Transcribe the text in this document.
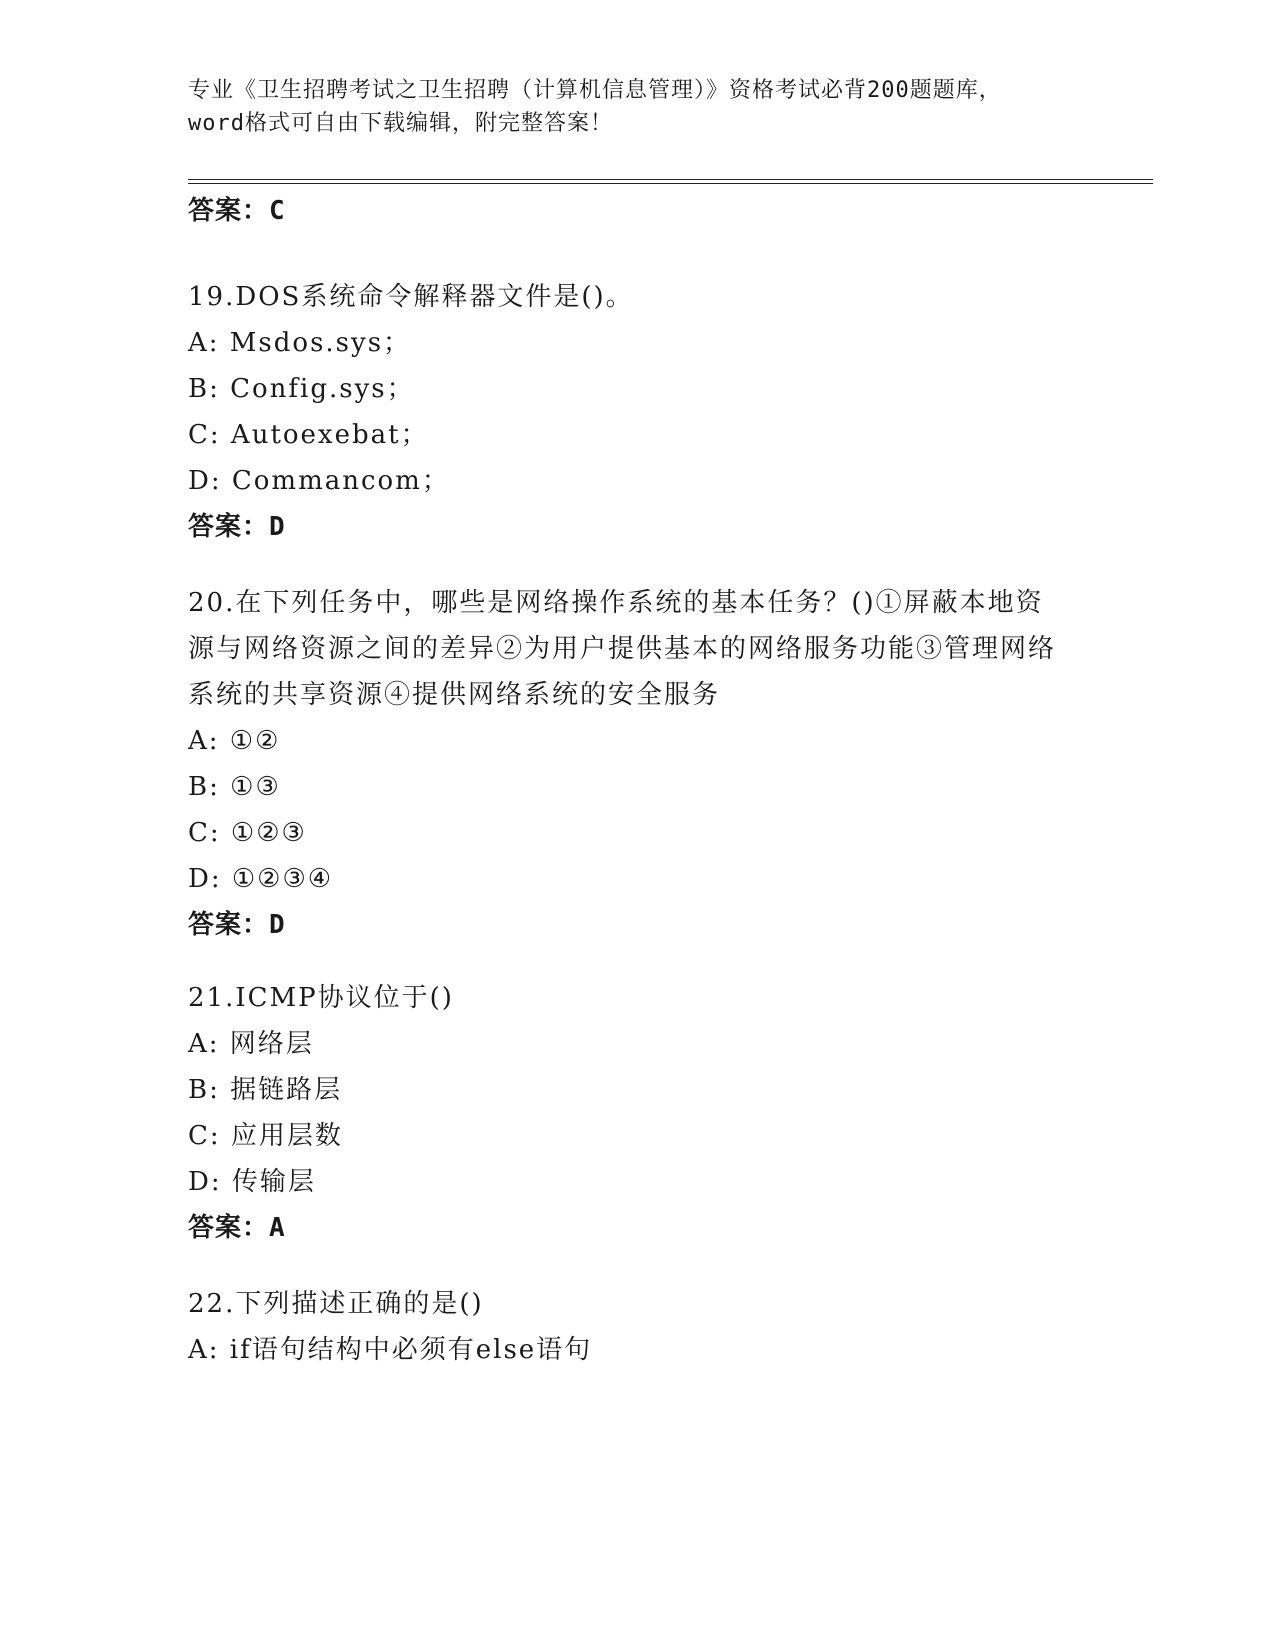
专业《卫生招聘考试之卫生招聘（计算机信息管理）》资格考试必背200题题库，
word格式可自由下载编辑，附完整答案！
答案：C
19.DOS系统命令解释器文件是()。
A: Msdos.sys；
B: Config.sys；
C: Autoexebat；
D: Commancom；
答案：D
20.在下列任务中，哪些是网络操作系统的基本任务？()①屏蔽本地资源与网络资源之间的差异②为用户提供基本的网络服务功能③管理网络系统的共享资源④提供网络系统的安全服务
A: ①②
B: ①③
C: ①②③
D: ①②③④
答案：D
21.ICMP协议位于()
A: 网络层
B: 据链路层
C: 应用层数
D: 传输层
答案：A
22.下列描述正确的是()
A: if语句结构中必须有else语句
